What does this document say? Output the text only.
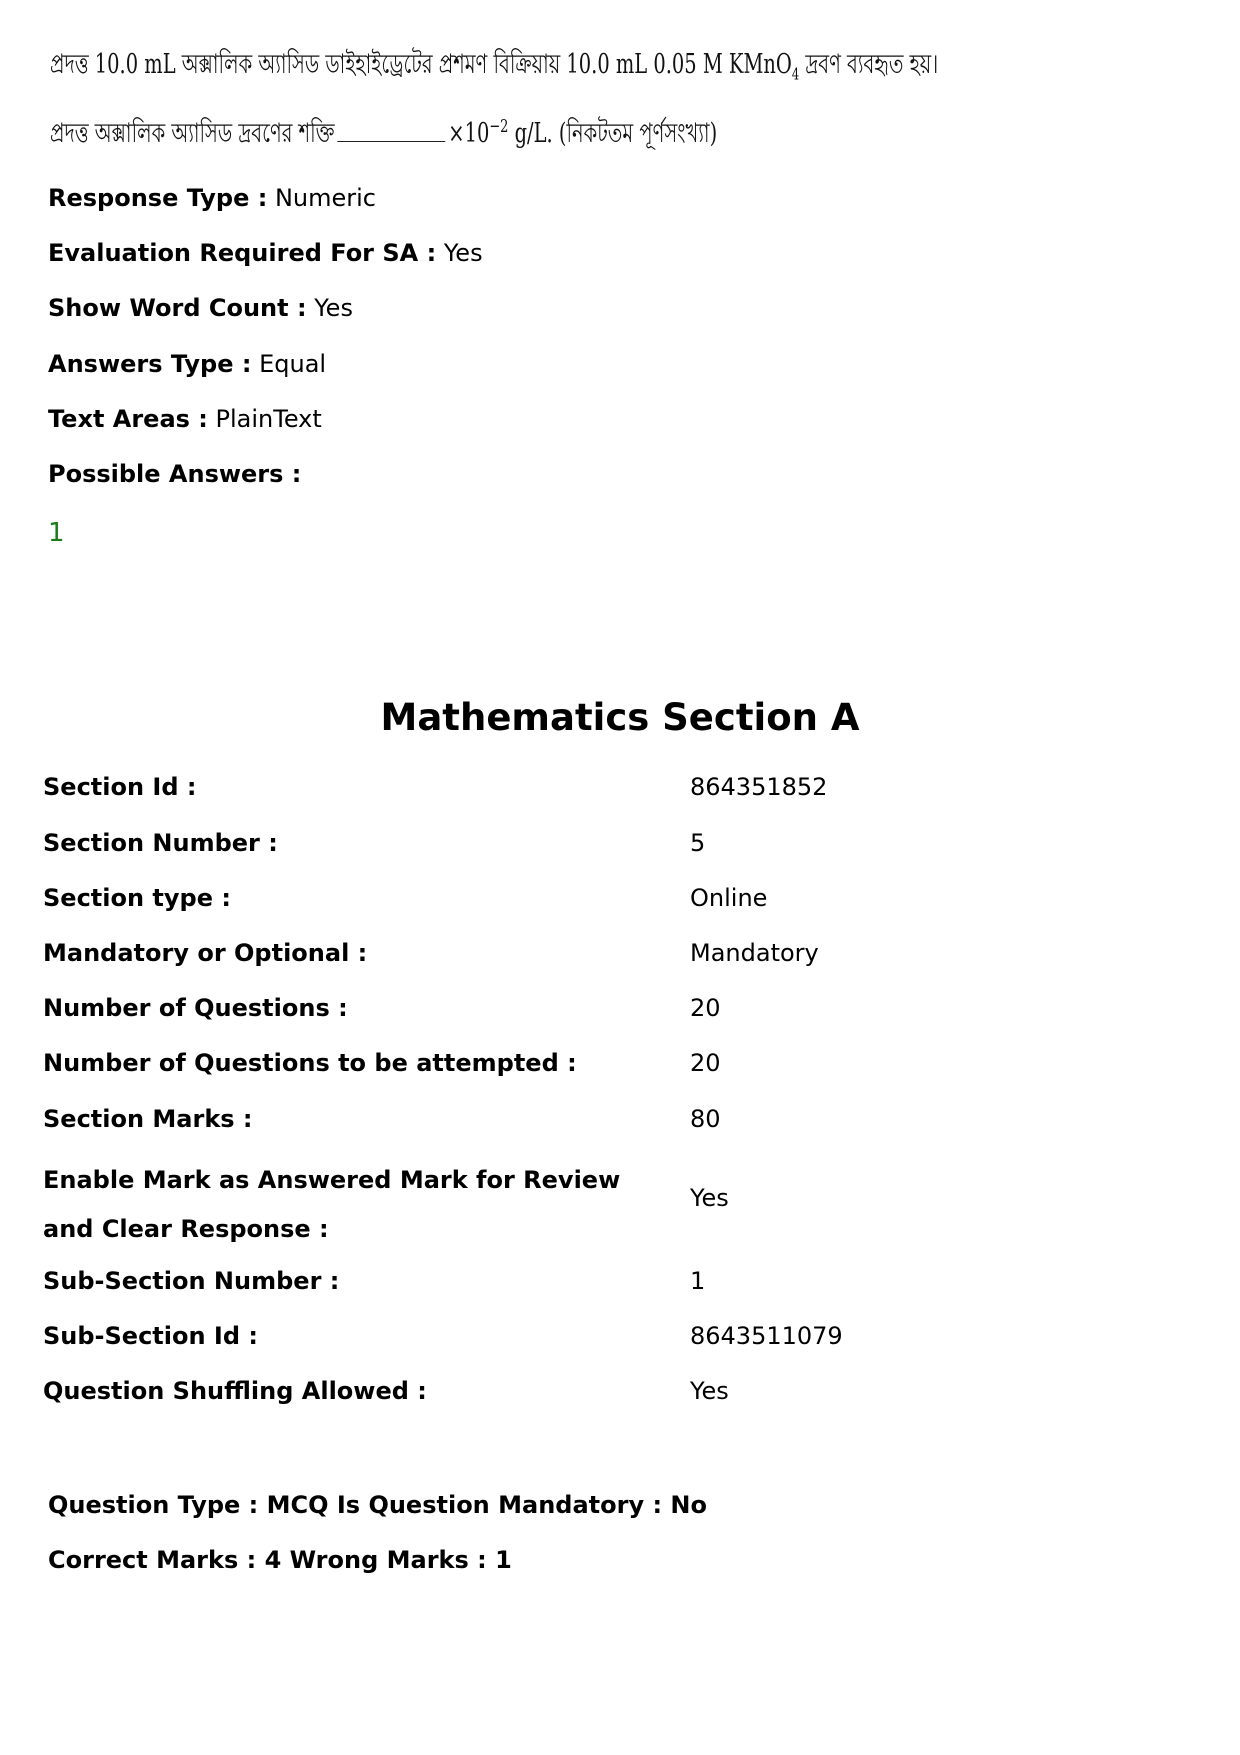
প্রদত্ত 10.0 mL অক্সালিক অ্যাসিড ডাইহাইড্রেটের প্রশমণ বিক্রিয়ায় 10.0 mL 0.05 M KMnO$_4$ দ্রবণ ব্যবহৃত হয়।
প্রদত্ত অক্সালিক অ্যাসিড দ্রবণের শক্তি	$\times 10^{-2}$ g/L. (নিকটতম পূর্ণসংখ্যা)
Response Type : Numeric
Evaluation Required For SA : Yes
Show Word Count : Yes
Answers Type : Equal
Text Areas : PlainText
Possible Answers :
1
Mathematics Section A
Section Id :	864351852
Section Number :	5
Section type :	Online
Mandatory or Optional :	Mandatory
Number of Questions :	20
Number of Questions to be attempted :	20
Section Marks :	80
Enable Mark as Answered Mark for Review and Clear Response :
Yes
Sub-Section Number :	1
Sub-Section Id :	8643511079
Question Shuffling Allowed :	Yes
Question Type : MCQ Is Question Mandatory : No
Correct Marks : 4 Wrong Marks : 1
